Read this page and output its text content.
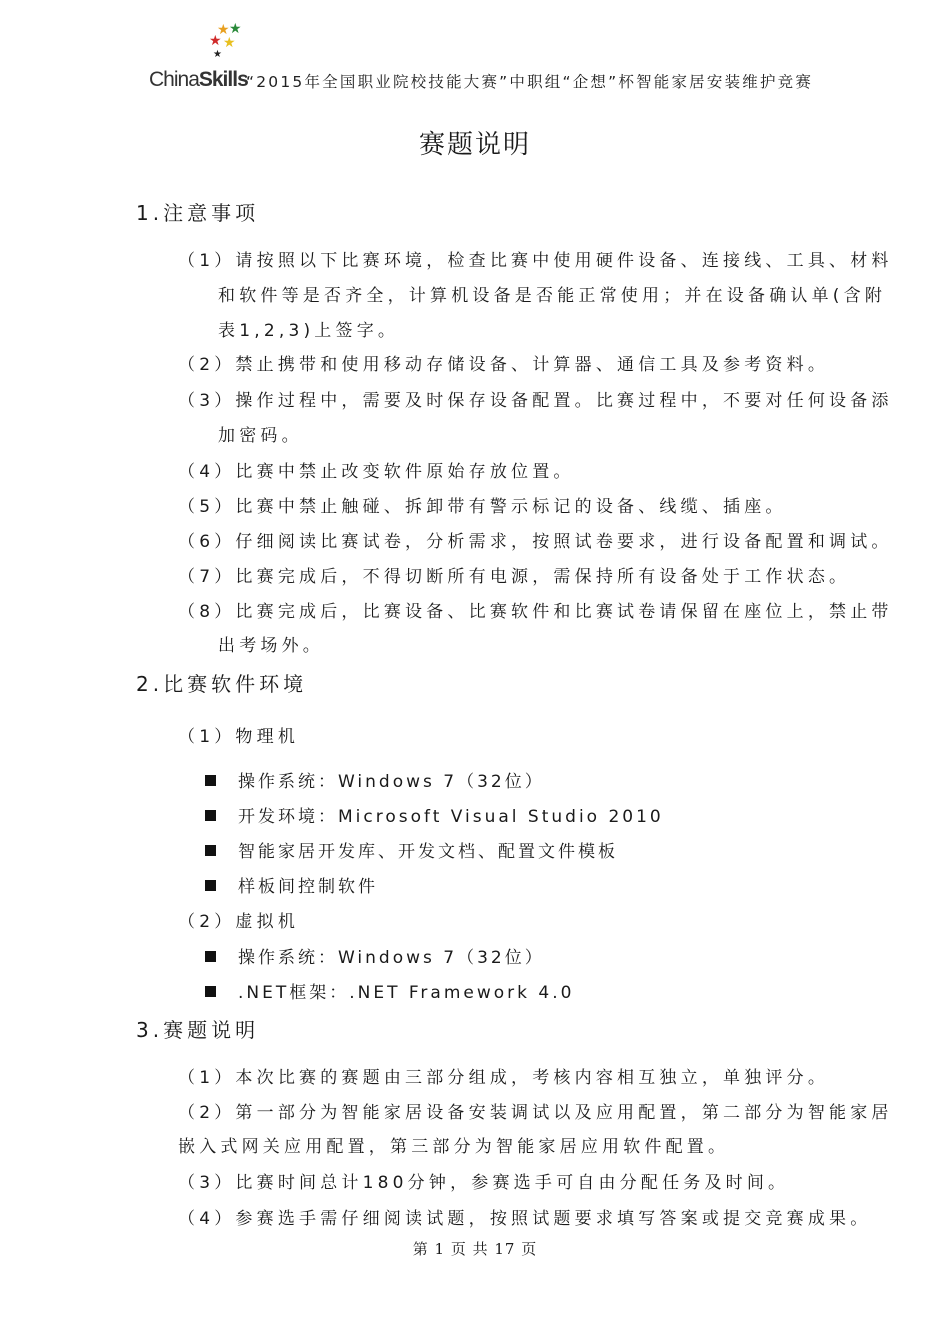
★ ★
★ ★
★
ChinaSkills
“2015年全国职业院校技能大赛”中职组“企想”杯智能家居安装维护竞赛
赛题说明
1.注意事项
（1）请按照以下比赛环境，检查比赛中使用硬件设备、连接线、工具、材料
和软件等是否齐全，计算机设备是否能正常使用；并在设备确认单(含附
表1,2,3)上签字。
（2）禁止携带和使用移动存储设备、计算器、通信工具及参考资料。
（3）操作过程中，需要及时保存设备配置。比赛过程中，不要对任何设备添
加密码。
（4）比赛中禁止改变软件原始存放位置。
（5）比赛中禁止触碰、拆卸带有警示标记的设备、线缆、插座。
（6）仔细阅读比赛试卷，分析需求，按照试卷要求，进行设备配置和调试。
（7）比赛完成后，不得切断所有电源，需保持所有设备处于工作状态。
（8）比赛完成后，比赛设备、比赛软件和比赛试卷请保留在座位上，禁止带
出考场外。
2.比赛软件环境
（1）物理机
操作系统：Windows 7（32位）
开发环境：Microsoft Visual Studio 2010
智能家居开发库、开发文档、配置文件模板
样板间控制软件
（2）虚拟机
操作系统：Windows 7（32位）
.NET框架：.NET Framework 4.0
3.赛题说明
（1）本次比赛的赛题由三部分组成，考核内容相互独立，单独评分。
（2）第一部分为智能家居设备安装调试以及应用配置，第二部分为智能家居
嵌入式网关应用配置，第三部分为智能家居应用软件配置。
（3）比赛时间总计180分钟，参赛选手可自由分配任务及时间。
（4）参赛选手需仔细阅读试题，按照试题要求填写答案或提交竞赛成果。
第 1 页 共 17 页
